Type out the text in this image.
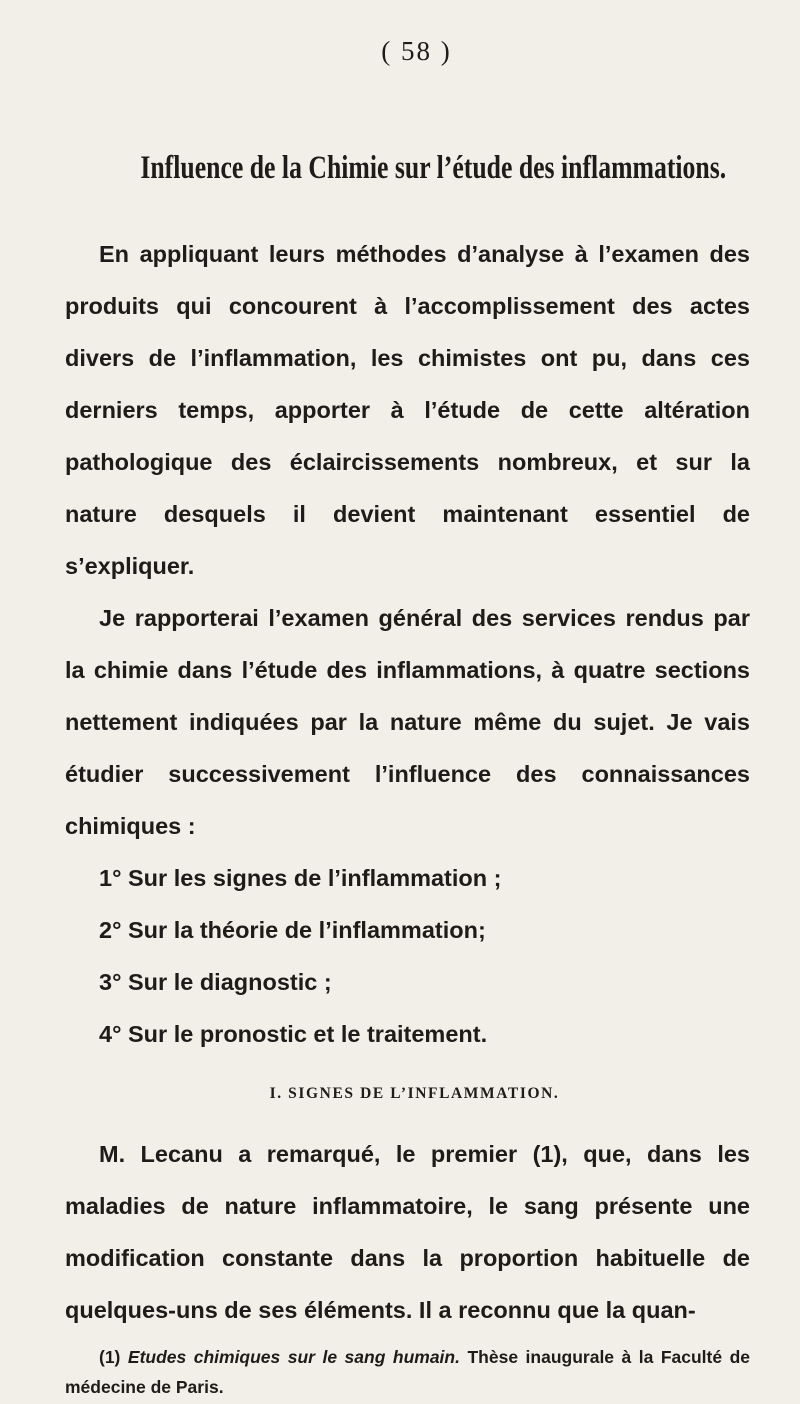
( 58 )
Influence de la Chimie sur l’étude des inflammations.

En appliquant leurs méthodes d’analyse à l’examen des produits qui concourent à l’accomplissement des actes divers de l’inflammation, les chimistes ont pu, dans ces derniers temps, apporter à l’étude de cette altération pathologique des éclaircissements nombreux, et sur la nature desquels il devient maintenant essentiel de s’expliquer.

Je rapporterai l’examen général des services rendus par la chimie dans l’étude des inflammations, à quatre sections nettement indiquées par la nature même du sujet. Je vais étudier successivement l’influence des connaissances chimiques :

1° Sur les signes de l’inflammation ;

2° Sur la théorie de l’inflammation;

3° Sur le diagnostic ;

4° Sur le pronostic et le traitement.

I. SIGNES DE L’INFLAMMATION.

M. Lecanu a remarqué, le premier (1), que, dans les maladies de nature inflammatoire, le sang présente une modification constante dans la proportion habituelle de quelques-uns de ses éléments. Il a reconnu que la quan-

(1) Etudes chimiques sur le sang humain. Thèse inaugurale à la Faculté de médecine de Paris.
